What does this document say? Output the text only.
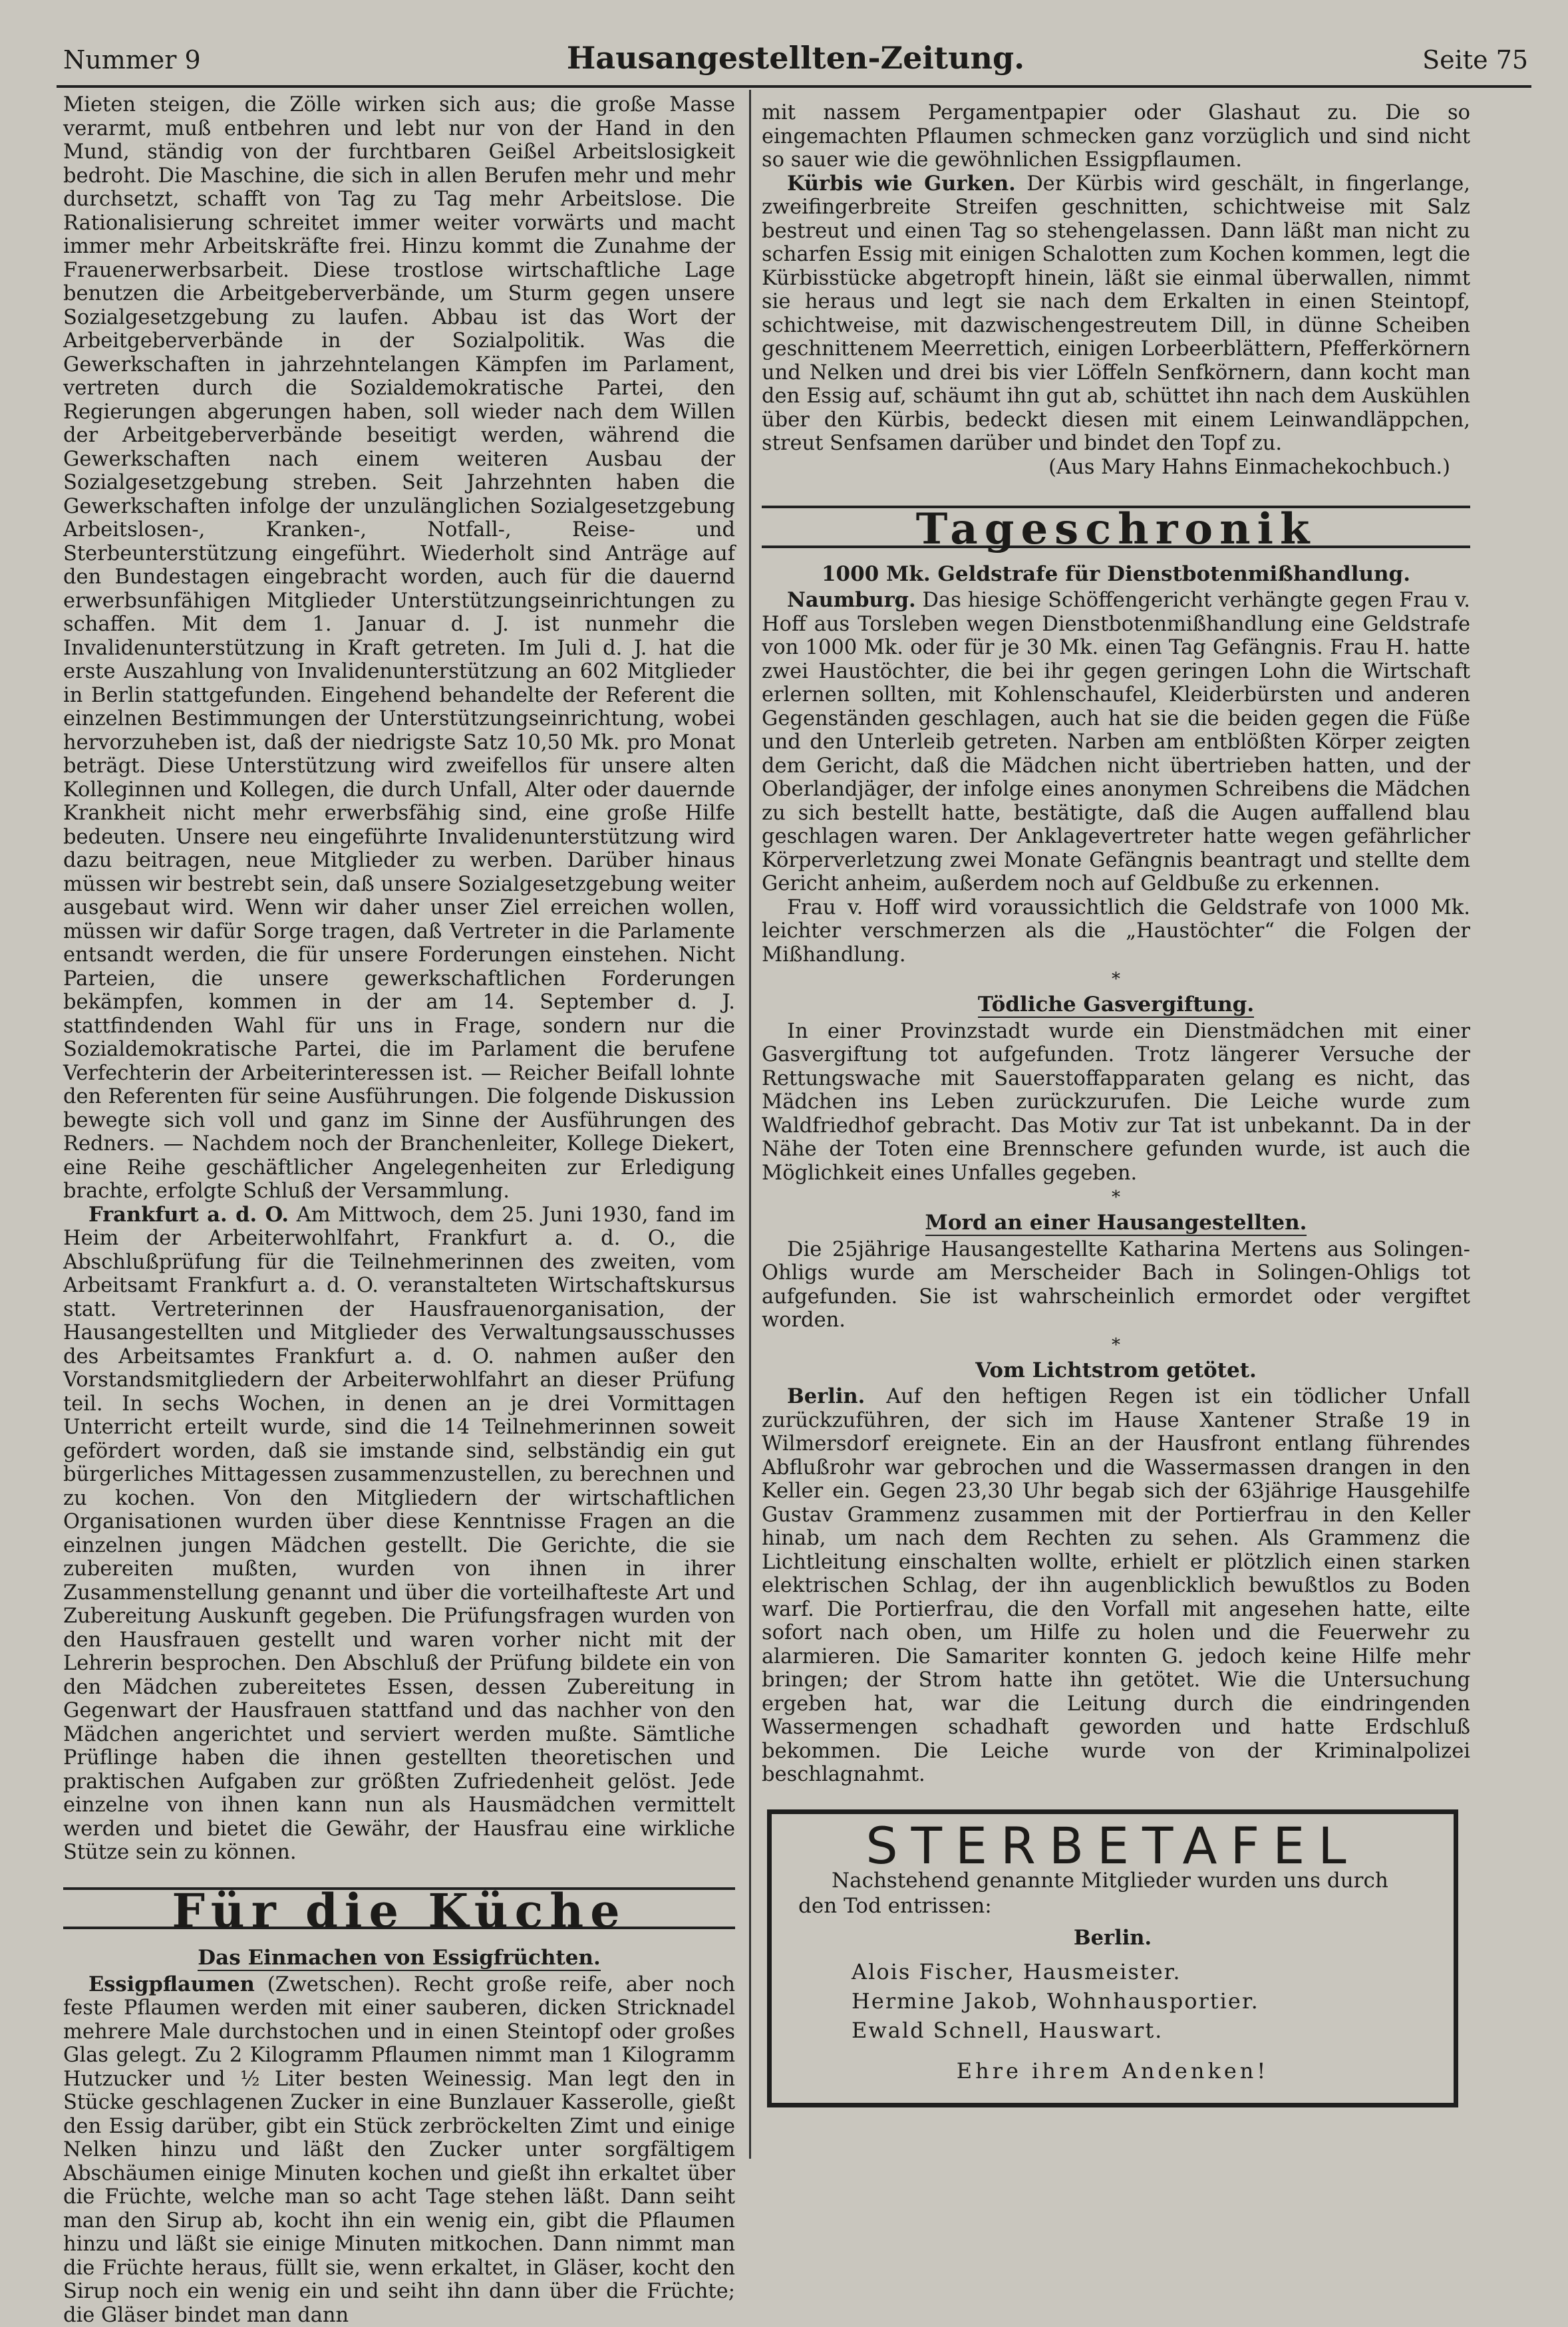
Nummer 9	Hausangestellten-Zeitung.	Seite 75

Mieten steigen, die Zölle wirken sich aus; die große Masse verarmt, muß entbehren und lebt nur von der Hand in den Mund, ständig von der furchtbaren Geißel Arbeitslosigkeit bedroht. Die Maschine, die sich in allen Berufen mehr und mehr durchsetzt, schafft von Tag zu Tag mehr Arbeitslose. Die Rationalisierung schreitet immer weiter vorwärts und macht immer mehr Arbeitskräfte frei. Hinzu kommt die Zunahme der Frauenerwerbsarbeit. Diese trostlose wirtschaftliche Lage benutzen die Arbeitgeberverbände, um Sturm gegen unsere Sozialgesetzgebung zu laufen. Abbau ist das Wort der Arbeitgeberverbände in der Sozialpolitik. Was die Gewerkschaften in jahrzehntelangen Kämpfen im Parlament, vertreten durch die Sozialdemokratische Partei, den Regierungen abgerungen haben, soll wieder nach dem Willen der Arbeitgeberverbände beseitigt werden, während die Gewerkschaften nach einem weiteren Ausbau der Sozialgesetzgebung streben. Seit Jahrzehnten haben die Gewerkschaften infolge der unzulänglichen Sozialgesetzgebung Arbeitslosen-, Kranken-, Notfall-, Reise- und Sterbeunterstützung eingeführt. Wiederholt sind Anträge auf den Bundestagen eingebracht worden, auch für die dauernd erwerbsunfähigen Mitglieder Unterstützungseinrichtungen zu schaffen. Mit dem 1. Januar d. J. ist nunmehr die Invalidenunterstützung in Kraft getreten. Im Juli d. J. hat die erste Auszahlung von Invalidenunterstützung an 602 Mitglieder in Berlin stattgefunden. Eingehend behandelte der Referent die einzelnen Bestimmungen der Unterstützungseinrichtung, wobei hervorzuheben ist, daß der niedrigste Satz 10,50 Mk. pro Monat beträgt. Diese Unterstützung wird zweifellos für unsere alten Kolleginnen und Kollegen, die durch Unfall, Alter oder dauernde Krankheit nicht mehr erwerbsfähig sind, eine große Hilfe bedeuten. Unsere neu eingeführte Invalidenunterstützung wird dazu beitragen, neue Mitglieder zu werben. Darüber hinaus müssen wir bestrebt sein, daß unsere Sozialgesetzgebung weiter ausgebaut wird. Wenn wir daher unser Ziel erreichen wollen, müssen wir dafür Sorge tragen, daß Vertreter in die Parlamente entsandt werden, die für unsere Forderungen einstehen. Nicht Parteien, die unsere gewerkschaftlichen Forderungen bekämpfen, kommen in der am 14. September d. J. stattfindenden Wahl für uns in Frage, sondern nur die Sozialdemokratische Partei, die im Parlament die berufene Verfechterin der Arbeiterinteressen ist. — Reicher Beifall lohnte den Referenten für seine Ausführungen. Die folgende Diskussion bewegte sich voll und ganz im Sinne der Ausführungen des Redners. — Nachdem noch der Branchenleiter, Kollege Diekert, eine Reihe geschäftlicher Angelegenheiten zur Erledigung brachte, erfolgte Schluß der Versammlung.

Frankfurt a. d. O. Am Mittwoch, dem 25. Juni 1930, fand im Heim der Arbeiterwohlfahrt, Frankfurt a. d. O., die Abschlußprüfung für die Teilnehmerinnen des zweiten, vom Arbeitsamt Frankfurt a. d. O. veranstalteten Wirtschaftskursus statt. Vertreterinnen der Hausfrauenorganisation, der Hausangestellten und Mitglieder des Verwaltungsausschusses des Arbeitsamtes Frankfurt a. d. O. nahmen außer den Vorstandsmitgliedern der Arbeiterwohlfahrt an dieser Prüfung teil. In sechs Wochen, in denen an je drei Vormittagen Unterricht erteilt wurde, sind die 14 Teilnehmerinnen soweit gefördert worden, daß sie imstande sind, selbständig ein gut bürgerliches Mittagessen zusammenzustellen, zu berechnen und zu kochen. Von den Mitgliedern der wirtschaftlichen Organisationen wurden über diese Kenntnisse Fragen an die einzelnen jungen Mädchen gestellt. Die Gerichte, die sie zubereiten mußten, wurden von ihnen in ihrer Zusammenstellung genannt und über die vorteilhafteste Art und Zubereitung Auskunft gegeben. Die Prüfungsfragen wurden von den Hausfrauen gestellt und waren vorher nicht mit der Lehrerin besprochen. Den Abschluß der Prüfung bildete ein von den Mädchen zubereitetes Essen, dessen Zubereitung in Gegenwart der Hausfrauen stattfand und das nachher von den Mädchen angerichtet und serviert werden mußte. Sämtliche Prüflinge haben die ihnen gestellten theoretischen und praktischen Aufgaben zur größten Zufriedenheit gelöst. Jede einzelne von ihnen kann nun als Hausmädchen vermittelt werden und bietet die Gewähr, der Hausfrau eine wirkliche Stütze sein zu können.

Für die Küche
Das Einmachen von Essigfrüchten.

Essigpflaumen (Zwetschen). Recht große reife, aber noch feste Pflaumen werden mit einer sauberen, dicken Stricknadel mehrere Male durchstochen und in einen Steintopf oder großes Glas gelegt. Zu 2 Kilogramm Pflaumen nimmt man 1 Kilogramm Hutzucker und ½ Liter besten Weinessig. Man legt den in Stücke geschlagenen Zucker in eine Bunzlauer Kasserolle, gießt den Essig darüber, gibt ein Stück zerbröckelten Zimt und einige Nelken hinzu und läßt den Zucker unter sorgfältigem Abschäumen einige Minuten kochen und gießt ihn erkaltet über die Früchte, welche man so acht Tage stehen läßt. Dann seiht man den Sirup ab, kocht ihn ein wenig ein, gibt die Pflaumen hinzu und läßt sie einige Minuten mitkochen. Dann nimmt man die Früchte heraus, füllt sie, wenn erkaltet, in Gläser, kocht den Sirup noch ein wenig ein und seiht ihn dann über die Früchte; die Gläser bindet man dann

mit nassem Pergamentpapier oder Glashaut zu. Die so eingemachten Pflaumen schmecken ganz vorzüglich und sind nicht so sauer wie die gewöhnlichen Essigpflaumen.

Kürbis wie Gurken. Der Kürbis wird geschält, in fingerlange, zweifingerbreite Streifen geschnitten, schichtweise mit Salz bestreut und einen Tag so stehengelassen. Dann läßt man nicht zu scharfen Essig mit einigen Schalotten zum Kochen kommen, legt die Kürbisstücke abgetropft hinein, läßt sie einmal überwallen, nimmt sie heraus und legt sie nach dem Erkalten in einen Steintopf, schichtweise, mit dazwischengestreutem Dill, in dünne Scheiben geschnittenem Meerrettich, einigen Lorbeerblättern, Pfefferkörnern und Nelken und drei bis vier Löffeln Senfkörnern, dann kocht man den Essig auf, schäumt ihn gut ab, schüttet ihn nach dem Auskühlen über den Kürbis, bedeckt diesen mit einem Leinwandläppchen, streut Senfsamen darüber und bindet den Topf zu.

(Aus Mary Hahns Einmachekochbuch.)

Tageschronik
1000 Mk. Geldstrafe für Dienstbotenmißhandlung.

Naumburg. Das hiesige Schöffengericht verhängte gegen Frau v. Hoff aus Torsleben wegen Dienstbotenmißhandlung eine Geldstrafe von 1000 Mk. oder für je 30 Mk. einen Tag Gefängnis. Frau H. hatte zwei Haustöchter, die bei ihr gegen geringen Lohn die Wirtschaft erlernen sollten, mit Kohlenschaufel, Kleiderbürsten und anderen Gegenständen geschlagen, auch hat sie die beiden gegen die Füße und den Unterleib getreten. Narben am entblößten Körper zeigten dem Gericht, daß die Mädchen nicht übertrieben hatten, und der Oberlandjäger, der infolge eines anonymen Schreibens die Mädchen zu sich bestellt hatte, bestätigte, daß die Augen auffallend blau geschlagen waren. Der Anklagevertreter hatte wegen gefährlicher Körperverletzung zwei Monate Gefängnis beantragt und stellte dem Gericht anheim, außerdem noch auf Geldbuße zu erkennen.

Frau v. Hoff wird voraussichtlich die Geldstrafe von 1000 Mk. leichter verschmerzen als die „Haustöchter“ die Folgen der Mißhandlung.

*
Tödliche Gasvergiftung.

In einer Provinzstadt wurde ein Dienstmädchen mit einer Gasvergiftung tot aufgefunden. Trotz längerer Versuche der Rettungswache mit Sauerstoffapparaten gelang es nicht, das Mädchen ins Leben zurückzurufen. Die Leiche wurde zum Waldfriedhof gebracht. Das Motiv zur Tat ist unbekannt. Da in der Nähe der Toten eine Brennschere gefunden wurde, ist auch die Möglichkeit eines Unfalles gegeben.

*
Mord an einer Hausangestellten.

Die 25jährige Hausangestellte Katharina Mertens aus Solingen-Ohligs wurde am Merscheider Bach in Solingen-Ohligs tot aufgefunden. Sie ist wahrscheinlich ermordet oder vergiftet worden.

*
Vom Lichtstrom getötet.

Berlin. Auf den heftigen Regen ist ein tödlicher Unfall zurückzuführen, der sich im Hause Xantener Straße 19 in Wilmersdorf ereignete. Ein an der Hausfront entlang führendes Abflußrohr war gebrochen und die Wassermassen drangen in den Keller ein. Gegen 23,30 Uhr begab sich der 63jährige Hausgehilfe Gustav Grammenz zusammen mit der Portierfrau in den Keller hinab, um nach dem Rechten zu sehen. Als Grammenz die Lichtleitung einschalten wollte, erhielt er plötzlich einen starken elektrischen Schlag, der ihn augenblicklich bewußtlos zu Boden warf. Die Portierfrau, die den Vorfall mit angesehen hatte, eilte sofort nach oben, um Hilfe zu holen und die Feuerwehr zu alarmieren. Die Samariter konnten G. jedoch keine Hilfe mehr bringen; der Strom hatte ihn getötet. Wie die Untersuchung ergeben hat, war die Leitung durch die eindringenden Wassermengen schadhaft geworden und hatte Erdschluß bekommen. Die Leiche wurde von der Kriminalpolizei beschlagnahmt.

STERBETAFEL

Nachstehend genannte Mitglieder wurden uns durch den Tod entrissen:

Berlin.
Alois Fischer, Hausmeister.
Hermine Jakob, Wohnhausportier.
Ewald Schnell, Hauswart.
Ehre ihrem Andenken!
